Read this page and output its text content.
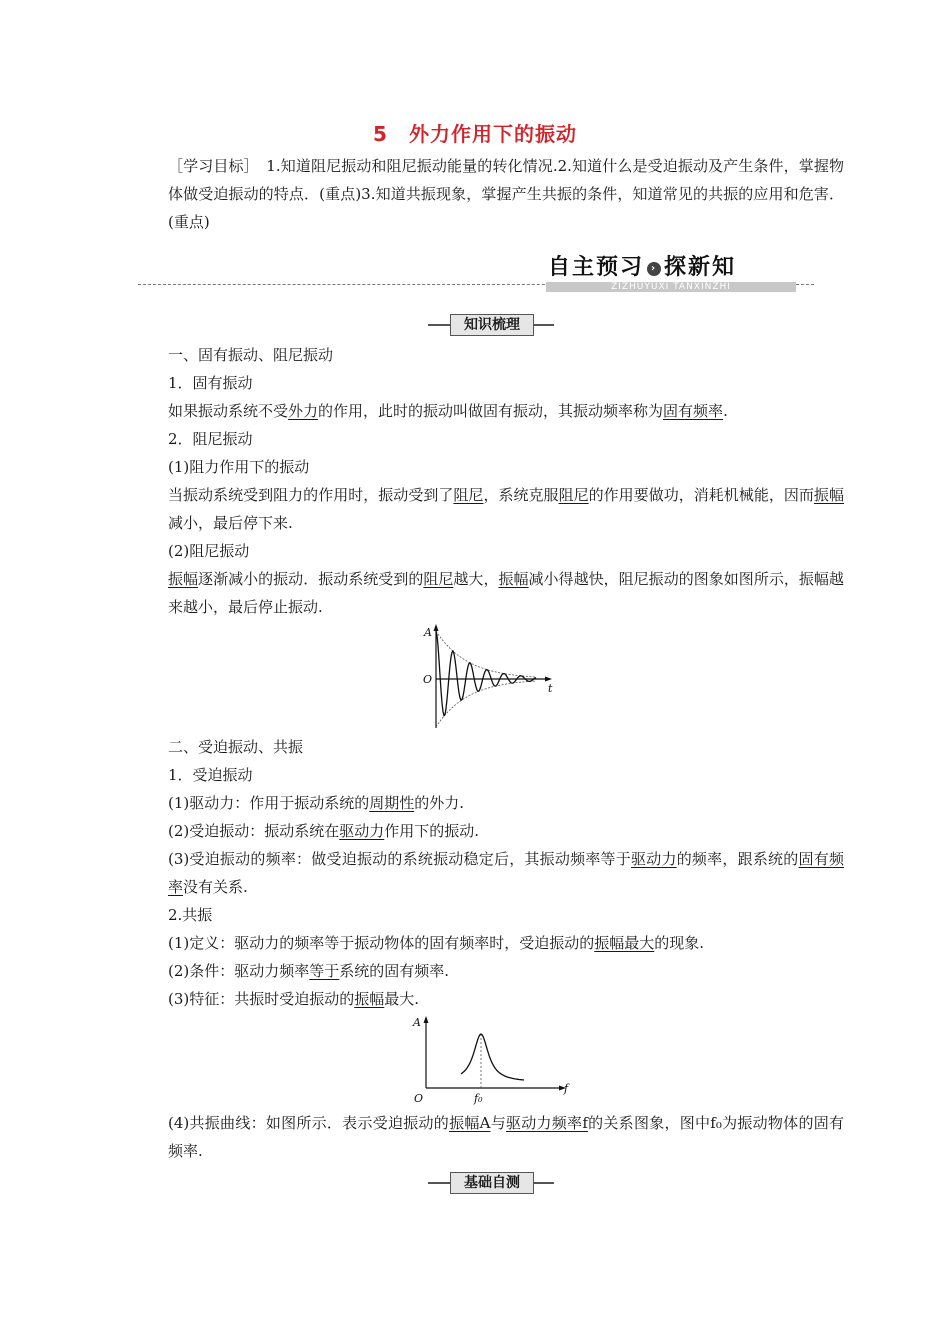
5　外力作用下的振动
［学习目标］　1.知道阻尼振动和阻尼振动能量的转化情况.2.知道什么是受迫振动及产生条件，掌握物体做受迫振动的特点．(重点)3.知道共振现象，掌握产生共振的条件，知道常见的共振的应用和危害．(重点)
自主预习 › 探新知
ZIZHUYUXI TANXINZHI
知识梳理
一、固有振动、阻尼振动
1．固有振动
如果振动系统不受外力的作用，此时的振动叫做固有振动，其振动频率称为固有频率.
2．阻尼振动
(1)阻力作用下的振动
当振动系统受到阻力的作用时，振动受到了阻尼，系统克服阻尼的作用要做功，消耗机械能，因而振幅减小，最后停下来.
(2)阻尼振动
振幅逐渐减小的振动．振动系统受到的阻尼越大，振幅减小得越快，阻尼振动的图象如图所示，振幅越来越小，最后停止振动.
A
O
t
二、受迫振动、共振
1．受迫振动
(1)驱动力：作用于振动系统的周期性的外力.
(2)受迫振动：振动系统在驱动力作用下的振动.
(3)受迫振动的频率：做受迫振动的系统振动稳定后，其振动频率等于驱动力的频率，跟系统的固有频率没有关系.
2.共振
(1)定义：驱动力的频率等于振动物体的固有频率时，受迫振动的振幅最大的现象.
(2)条件：驱动力频率等于系统的固有频率.
(3)特征：共振时受迫振动的振幅最大.
A
O
f
f₀
(4)共振曲线：如图所示．表示受迫振动的振幅A与驱动力频率f的关系图象，图中f₀为振动物体的固有频率.
基础自测
